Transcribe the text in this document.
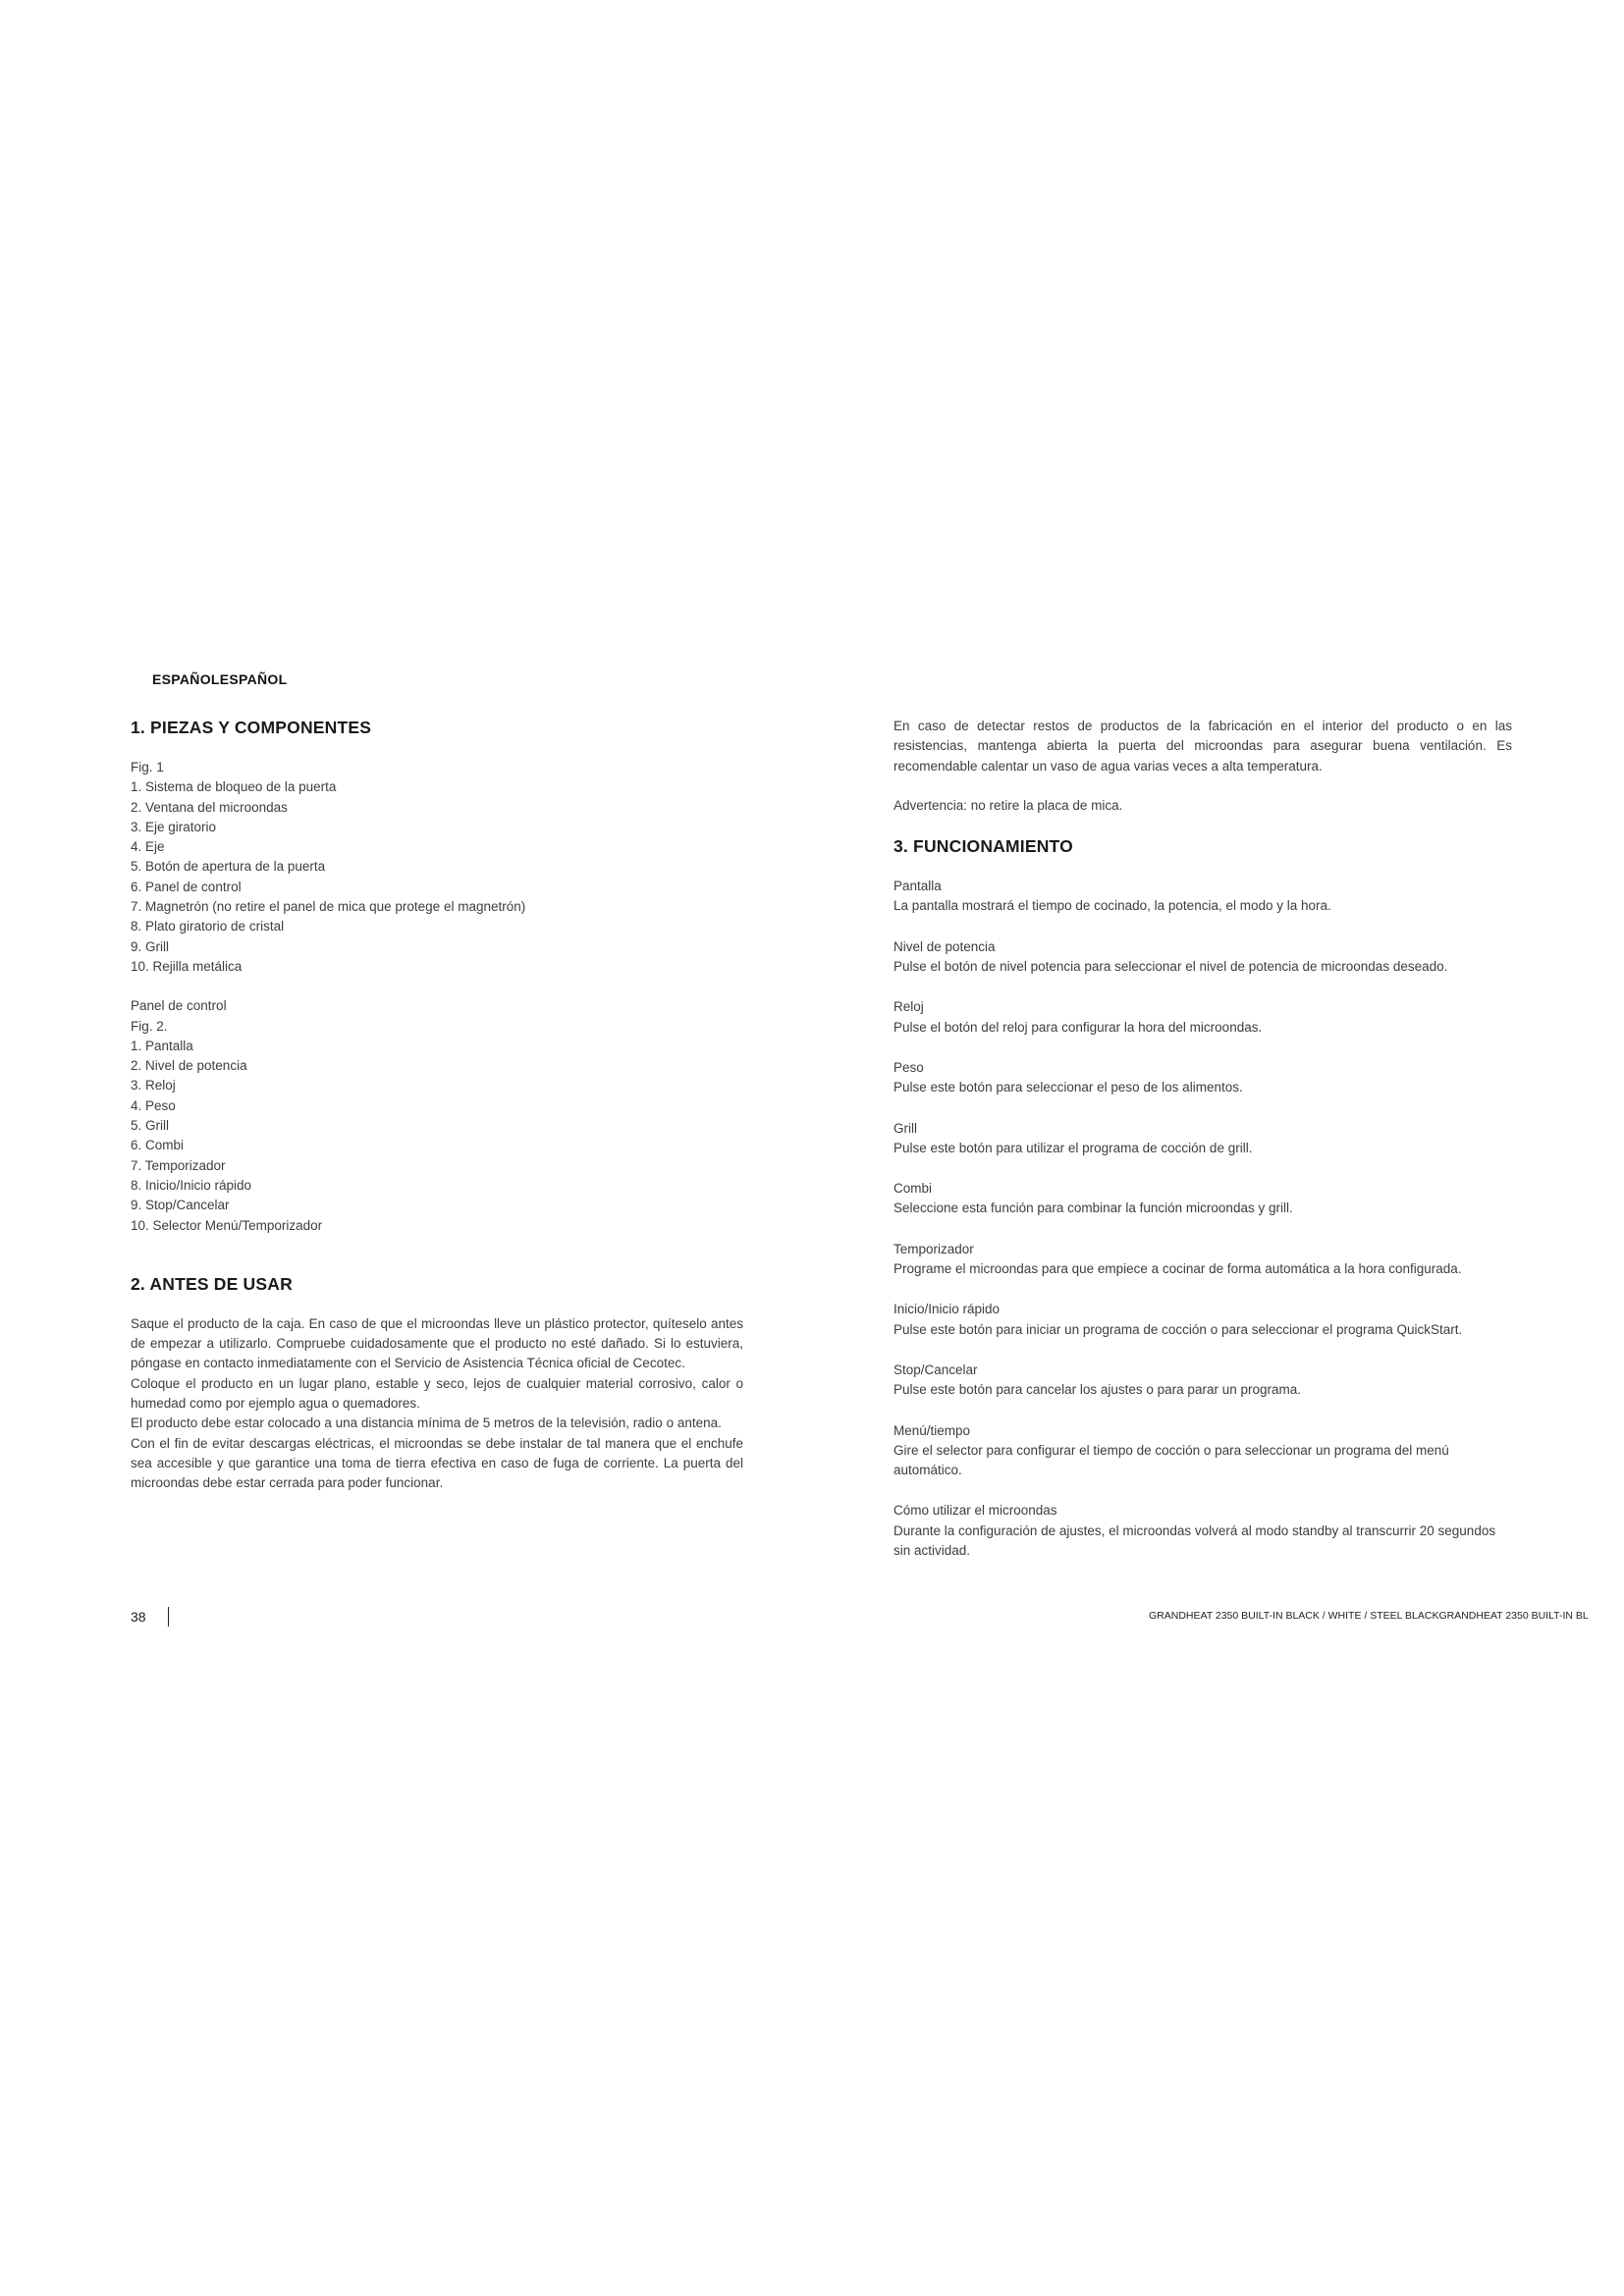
ESPAÑOLESPAÑOL
1. PIEZAS Y COMPONENTES

Fig. 1

1. Sistema de bloqueo de la puerta
2. Ventana del microondas
3. Eje giratorio
4. Eje
5. Botón de apertura de la puerta
6. Panel de control
7. Magnetrón (no retire el panel de mica que protege el magnetrón)
8. Plato giratorio de cristal
9. Grill
10. Rejilla metálica

Panel de control

Fig. 2.

1. Pantalla
2. Nivel de potencia
3. Reloj
4. Peso
5. Grill
6. Combi
7. Temporizador
8. Inicio/Inicio rápido
9. Stop/Cancelar
10. Selector Menú/Temporizador
2. ANTES DE USAR

Saque el producto de la caja. En caso de que el microondas lleve un plástico protector, quíteselo antes de empezar a utilizarlo. Compruebe cuidadosamente que el producto no esté dañado. Si lo estuviera, póngase en contacto inmediatamente con el Servicio de Asistencia Técnica oficial de Cecotec.

Coloque el producto en un lugar plano, estable y seco, lejos de cualquier material corrosivo, calor o humedad como por ejemplo agua o quemadores.

El producto debe estar colocado a una distancia mínima de 5 metros de la televisión, radio o antena.

Con el fin de evitar descargas eléctricas, el microondas se debe instalar de tal manera que el enchufe sea accesible y que garantice una toma de tierra efectiva en caso de fuga de corriente. La puerta del microondas debe estar cerrada para poder funcionar.

En caso de detectar restos de productos de la fabricación en el interior del producto o en las resistencias, mantenga abierta la puerta del microondas para asegurar buena ventilación. Es recomendable calentar un vaso de agua varias veces a alta temperatura.

Advertencia: no retire la placa de mica.

3. FUNCIONAMIENTO

Pantalla

La pantalla mostrará el tiempo de cocinado, la potencia, el modo y la hora.

Nivel de potencia

Pulse el botón de nivel potencia para seleccionar el nivel de potencia de microondas deseado.

Reloj

Pulse el botón del reloj para configurar la hora del microondas.

Peso

Pulse este botón para seleccionar el peso de los alimentos.

Grill

Pulse este botón para utilizar el programa de cocción de grill.

Combi

Seleccione esta función para combinar la función microondas y grill.

Temporizador

Programe el microondas para que empiece a cocinar de forma automática a la hora configurada.

Inicio/Inicio rápido

Pulse este botón para iniciar un programa de cocción o para seleccionar el programa QuickStart.

Stop/Cancelar

Pulse este botón para cancelar los ajustes o para parar un programa.

Menú/tiempo

Gire el selector para configurar el tiempo de cocción o para seleccionar un programa del menú automático.

Cómo utilizar el microondas

Durante la configuración de ajustes, el microondas volverá al modo standby al transcurrir 20 segundos sin actividad.

38	GRANDHEAT 2350 BUILT-IN BLACK / WHITE / STEEL BLACKGRANDHEAT 2350 BUILT-IN BL
